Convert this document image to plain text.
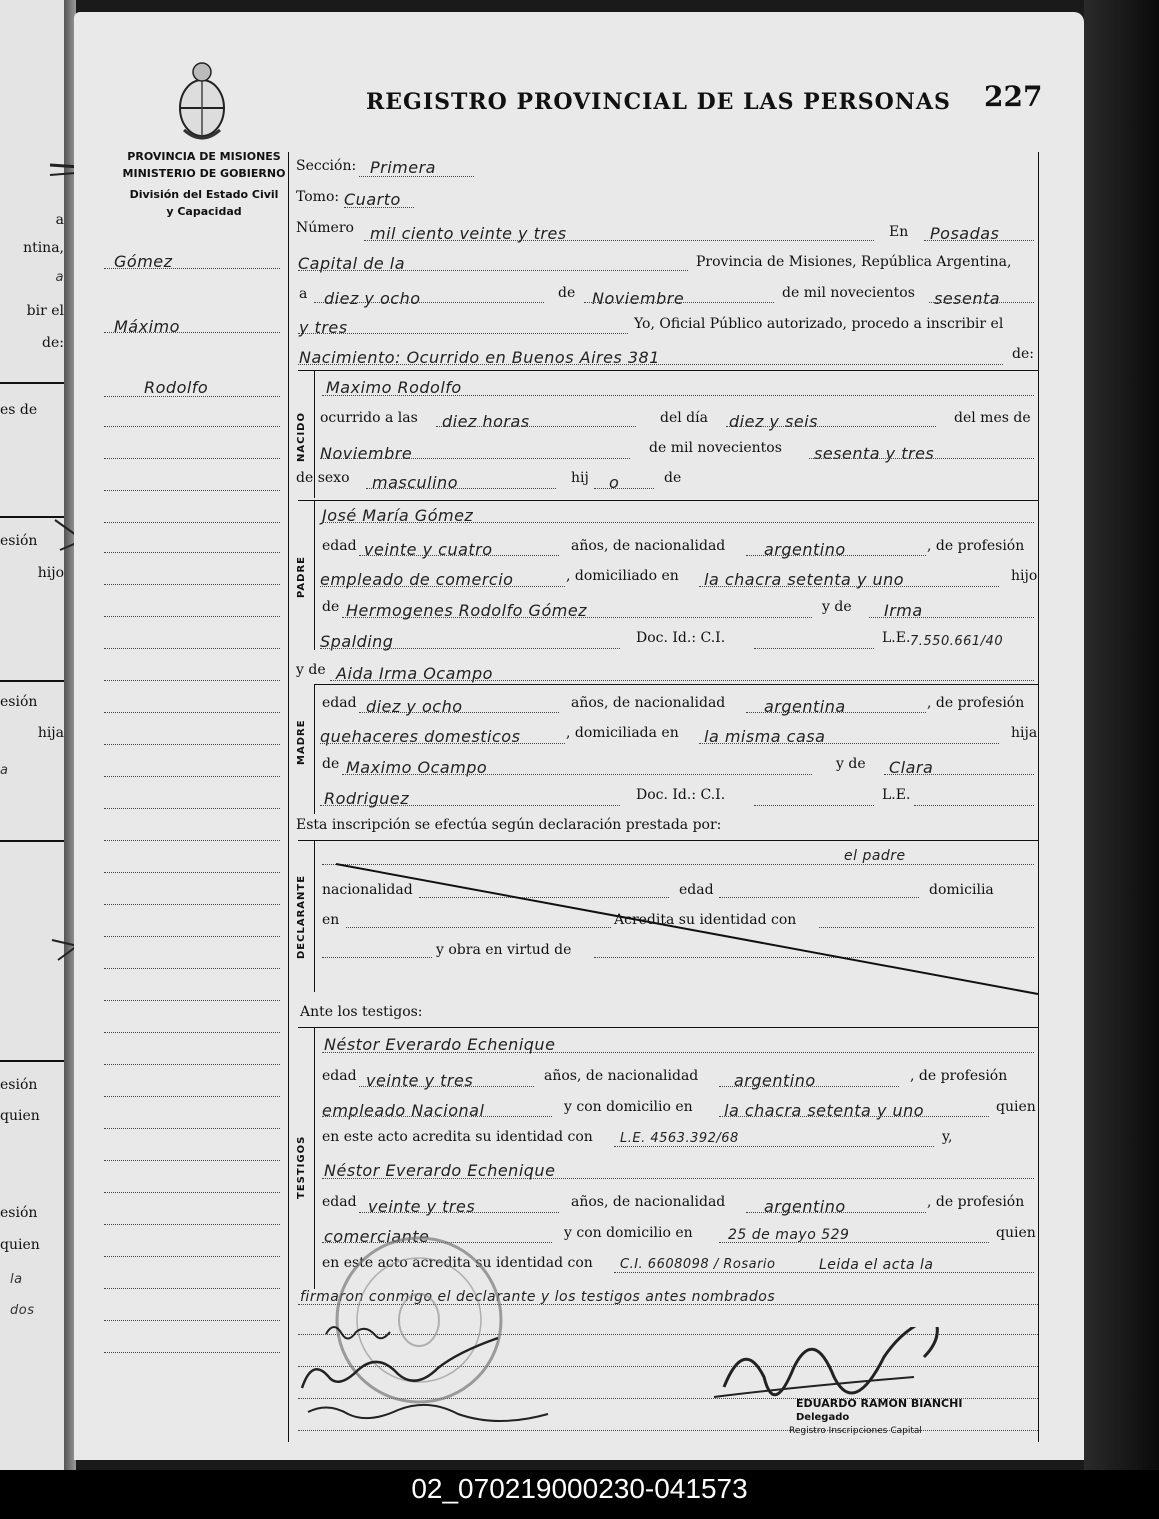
a
ntina,
a
bir el
de:
es de
esión
hijo
esión
hija
a
esión
quien
esión
quien
la
dos
REGISTRO PROVINCIAL DE LAS PERSONAS 227
PROVINCIA DE MISIONES
MINISTERIO DE GOBIERNO
División del Estado Civil
y Capacidad
Gómez
Máximo
Rodolfo
Sección: Primera
Tomo: Cuarto
Número mil ciento veinte y tres	En Posadas
Capital de la	Provincia de Misiones, República Argentina,
a diez y ocho	de Noviembre	de mil novecientos sesenta
y tres	Yo, Oficial Público autorizado, procedo a inscribir el
Nacimiento: Ocurrido en Buenos Aires 381	de:
NACIDO
Maximo Rodolfo
ocurrido a las diez horas	del día diez y seis	del mes de
Noviembre	de mil novecientos sesenta y tres
de sexo masculino	hij o	de
PADRE
José María Gómez
edad veinte y cuatro	años, de nacionalidad argentino	, de profesión
empleado de comercio	, domiciliado en la chacra setenta y uno	hijo
de Hermogenes Rodolfo Gómez	y de Irma
Spalding	Doc. Id.: C.I.	L.E. 7.550.661/40
y de Aida Irma Ocampo
MADRE
edad diez y ocho	años, de nacionalidad argentina	, de profesión
quehaceres domesticos	, domiciliada en la misma casa	hija
de Maximo Ocampo	y de Clara
Rodriguez	Doc. Id.: C.I.	L.E.
Esta inscripción se efectúa según declaración prestada por:
DECLARANTE
el padre
nacionalidad	edad	domicilia
en	Acredita su identidad con
y obra en virtud de
Ante los testigos:
TESTIGOS
Néstor Everardo Echenique
edad veinte y tres	años, de nacionalidad argentino	, de profesión
empleado Nacional	y con domicilio en la chacra setenta y uno	quien
en este acto acredita su identidad con L.E. 4563.392/68	y,
Néstor Everardo Echenique
edad veinte y tres	años, de nacionalidad argentino	, de profesión
comerciante	y con domicilio en	25 de mayo 529	quien
en este acto acredita su identidad con C.I. 6608098 / Rosario	Leida el acta la
firmaron conmigo el declarante y los testigos antes nombrados
EDUARDO RAMON BIANCHI
Delegado
Registro Inscripciones Capital
02_070219000230-041573
